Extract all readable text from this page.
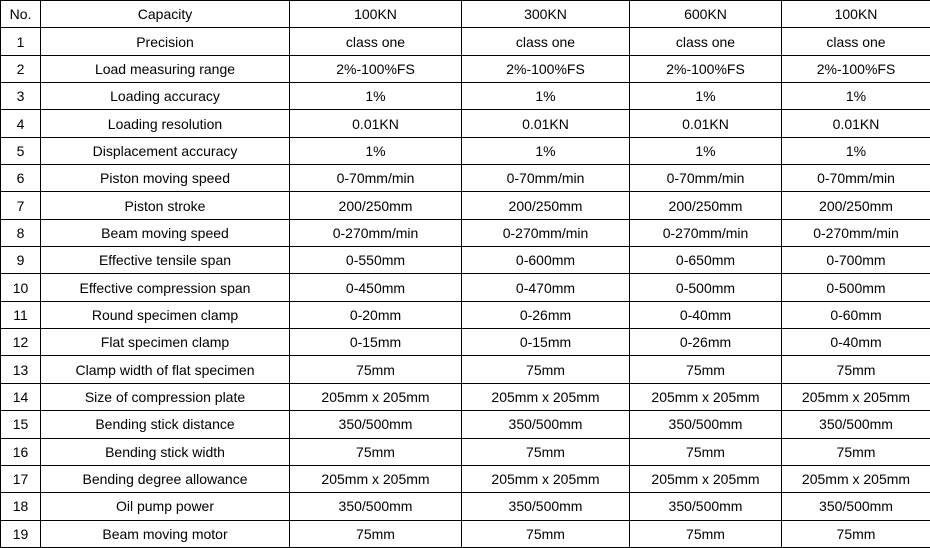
No.	Capacity	100KN	300KN	600KN	100KN
1	Precision	class one	class one	class one	class one
2	Load measuring range	2%-100%FS	2%-100%FS	2%-100%FS	2%-100%FS
3	Loading accuracy	1%	1%	1%	1%
4	Loading resolution	0.01KN	0.01KN	0.01KN	0.01KN
5	Displacement accuracy	1%	1%	1%	1%
6	Piston moving speed	0-70mm/min	0-70mm/min	0-70mm/min	0-70mm/min
7	Piston stroke	200/250mm	200/250mm	200/250mm	200/250mm
8	Beam moving speed	0-270mm/min	0-270mm/min	0-270mm/min	0-270mm/min
9	Effective tensile span	0-550mm	0-600mm	0-650mm	0-700mm
10	Effective compression span	0-450mm	0-470mm	0-500mm	0-500mm
11	Round specimen clamp	0-20mm	0-26mm	0-40mm	0-60mm
12	Flat specimen clamp	0-15mm	0-15mm	0-26mm	0-40mm
13	Clamp width of flat specimen	75mm	75mm	75mm	75mm
14	Size of compression plate	205mm x 205mm	205mm x 205mm	205mm x 205mm	205mm x 205mm
15	Bending stick distance	350/500mm	350/500mm	350/500mm	350/500mm
16	Bending stick width	75mm	75mm	75mm	75mm
17	Bending degree allowance	205mm x 205mm	205mm x 205mm	205mm x 205mm	205mm x 205mm
18	Oil pump power	350/500mm	350/500mm	350/500mm	350/500mm
19	Beam moving motor	75mm	75mm	75mm	75mm
